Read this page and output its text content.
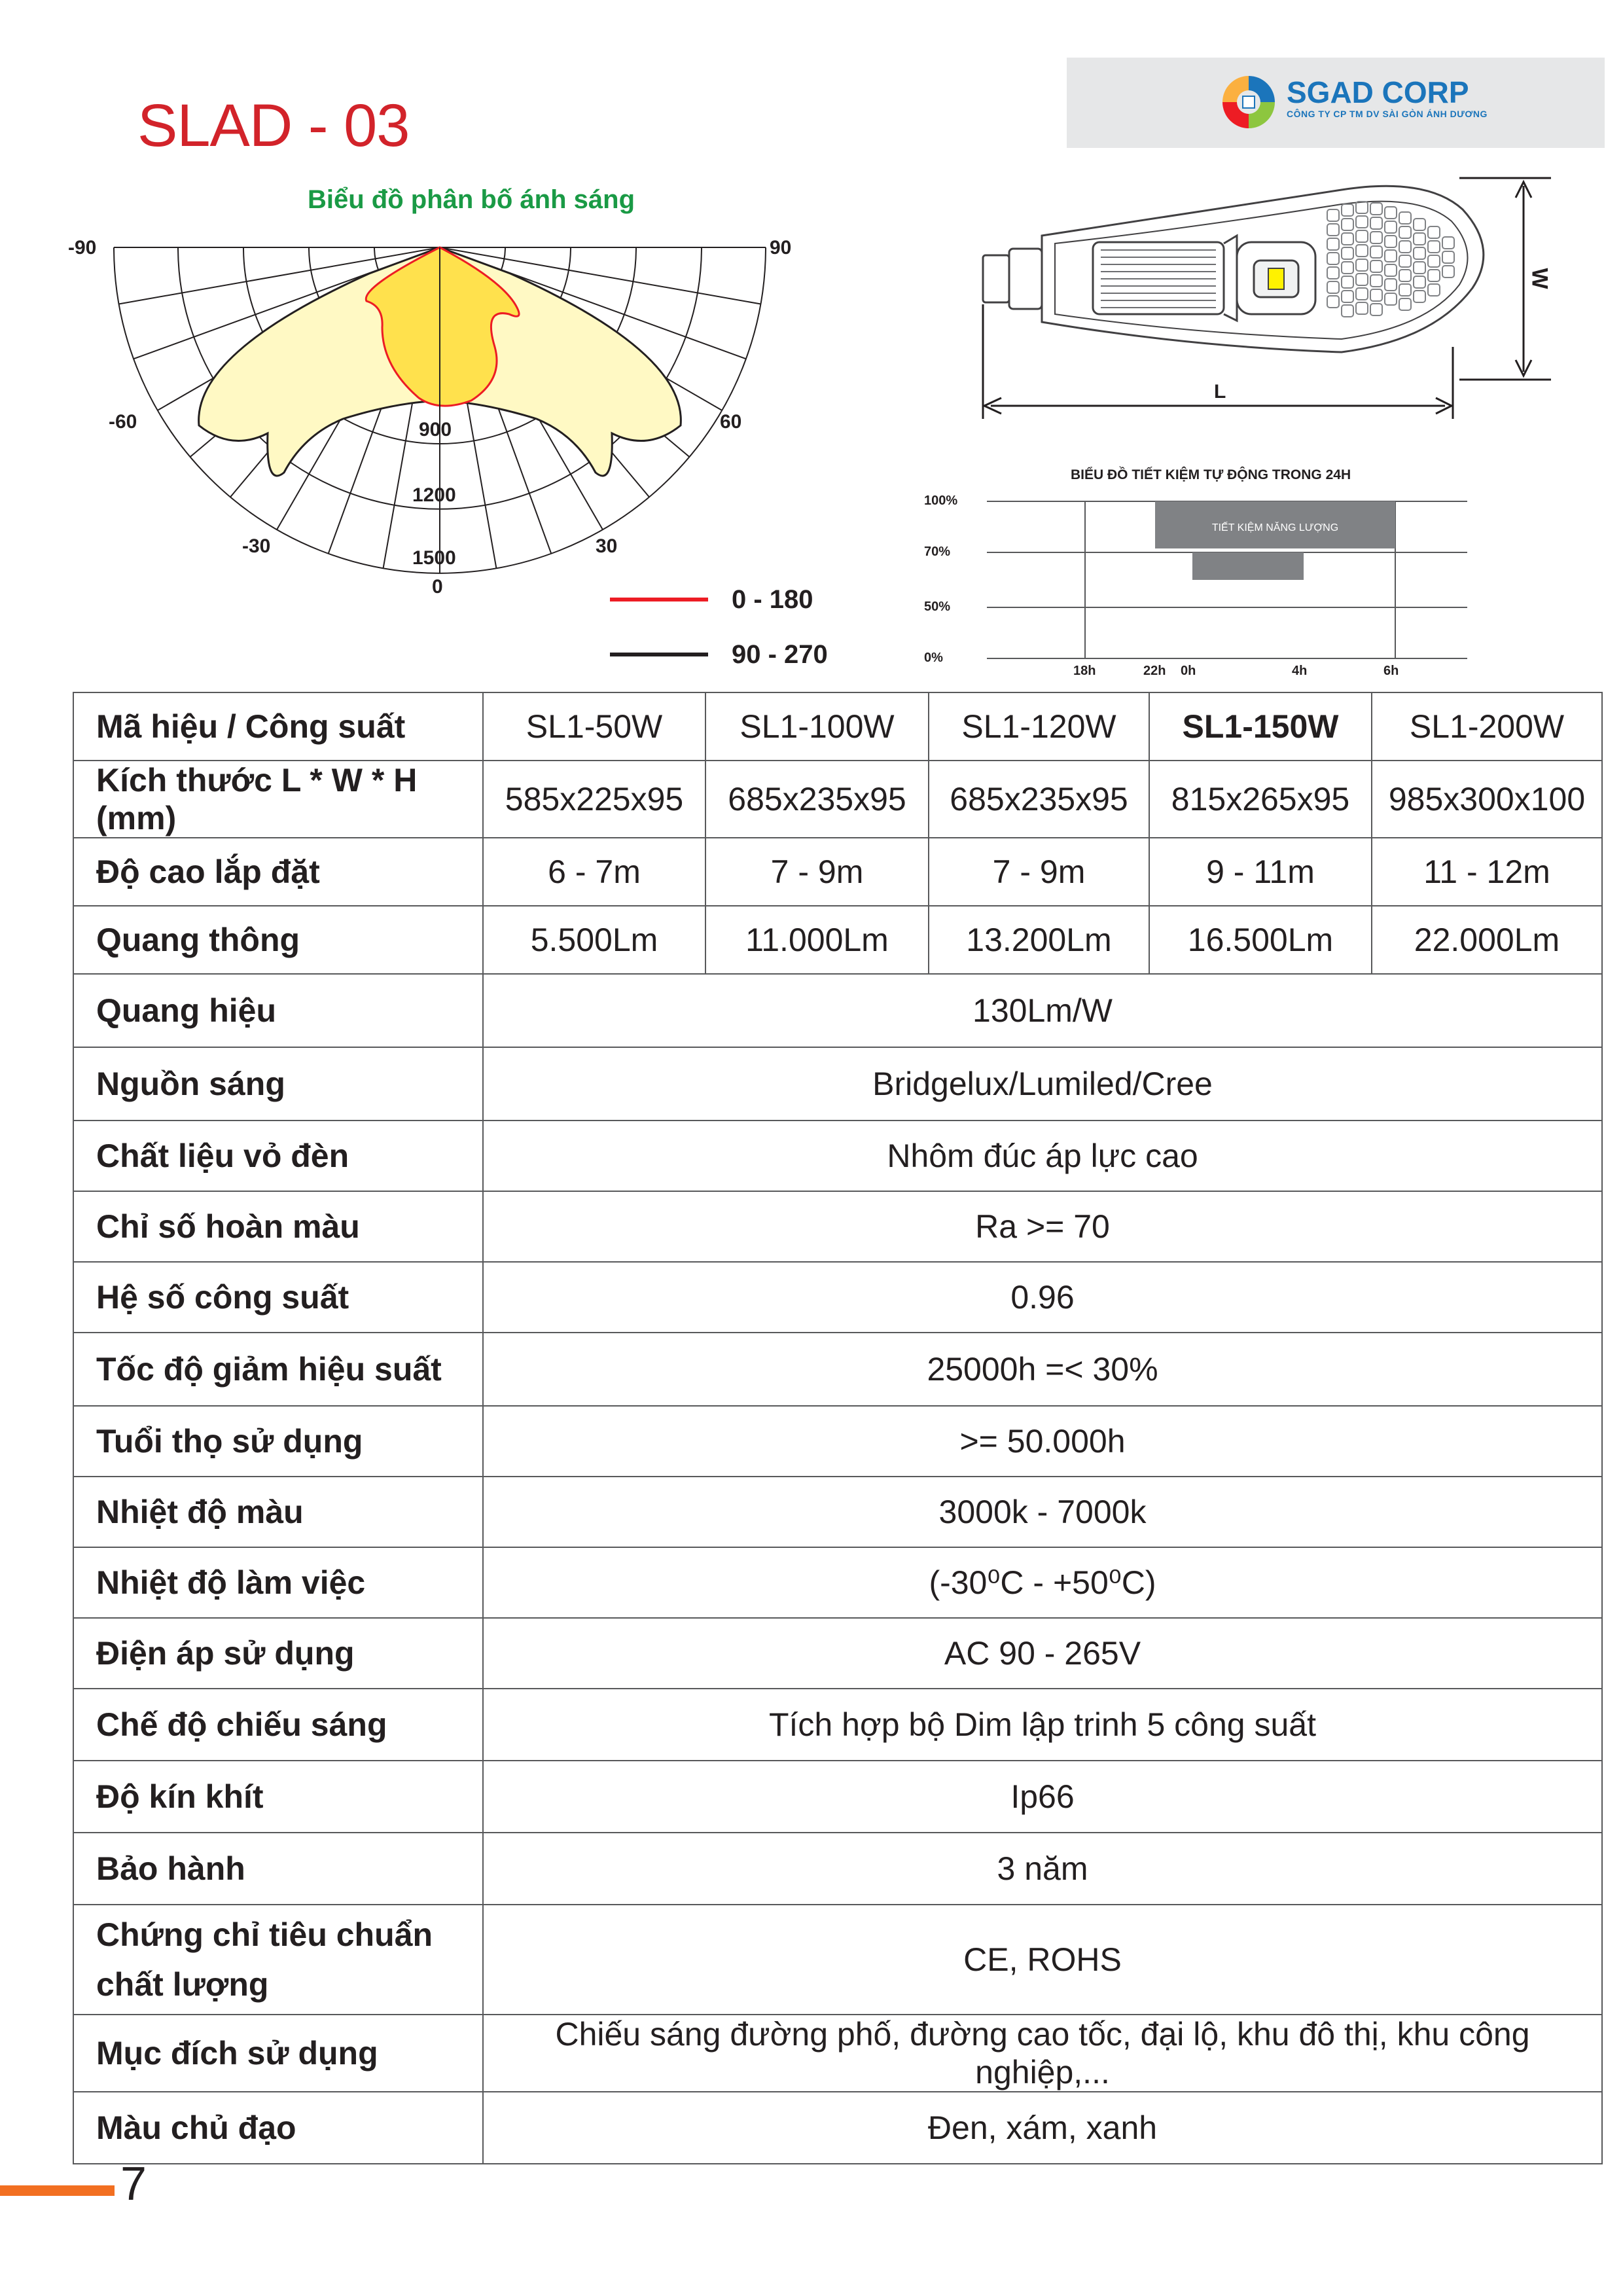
SLAD - 03	SGAD CORP
CÔNG TY CP TM DV SÀI GÒN ÁNH DƯƠNG
Biểu đồ phân bố ánh sáng
-90	90
-60	60
-30	30
0
900
1200
1500
0 - 180
90 - 270
L
W
BIỂU ĐỒ TIẾT KIỆM TỰ ĐỘNG TRONG 24H
100%
70%
50%
0%
18h	22h 0h	4h	6h
TIẾT KIỆM NĂNG LƯỢNG
Mã hiệu / Công suất	SL1-50W	SL1-100W	SL1-120W	SL1-150W	SL1-200W
Kích thước L * W * H (mm)	585x225x95	685x235x95	685x235x95	815x265x95	985x300x100
Độ cao lắp đặt	6 - 7m	7 - 9m	7 - 9m	9 - 11m	11 - 12m
Quang thông	5.500Lm	11.000Lm	13.200Lm	16.500Lm	22.000Lm
Quang hiệu	130Lm/W				
Nguồn sáng	Bridgelux/Lumiled/Cree				
Chất liệu vỏ đèn	Nhôm đúc áp lực cao				
Chỉ số hoàn màu	Ra >= 70				
Hệ số công suất	0.96				
Tốc độ giảm hiệu suất	25000h =< 30%				
Tuổi thọ sử dụng	>= 50.000h				
Nhiệt độ màu	3000k - 7000k				
Nhiệt độ làm việc	(-30⁰C - +50⁰C)				
Điện áp sử dụng	AC 90 - 265V				
Chế độ chiếu sáng	Tích hợp bộ Dim lập trinh 5 công suất				
Độ kín khít	Ip66				
Bảo hành	3 năm				
Chứng chỉ tiêu chuẩn chất lượng	CE, ROHS				
Mục đích sử dụng	Chiếu sáng đường phố, đường cao tốc, đại lộ, khu đô thị, khu công nghiệp,...				
Màu chủ đạo	Đen, xám, xanh				
7
